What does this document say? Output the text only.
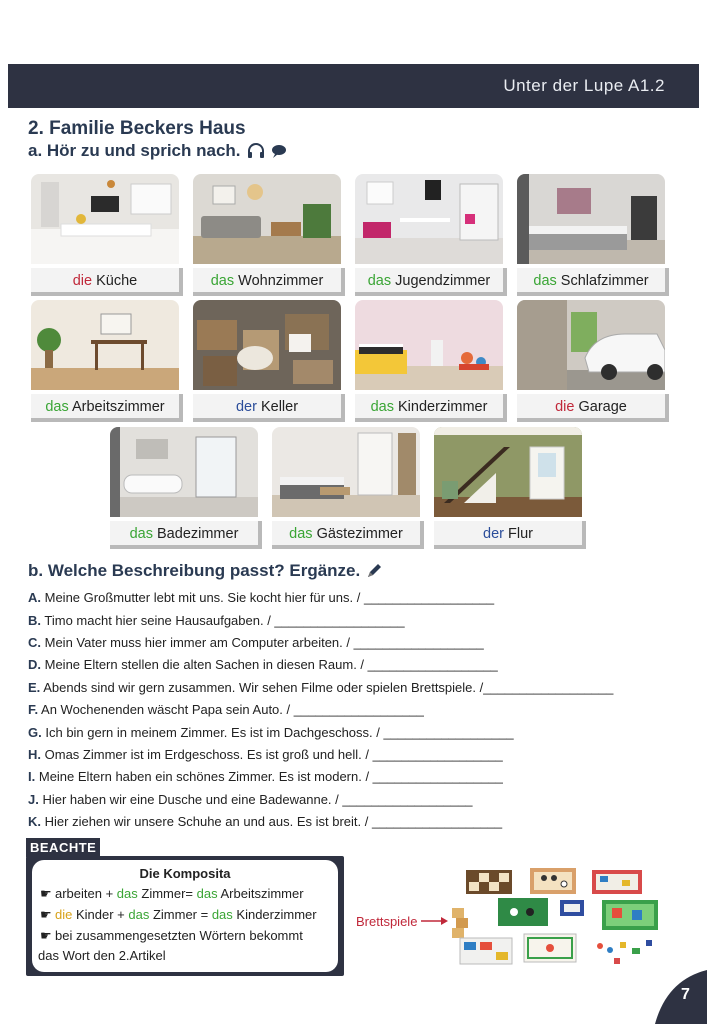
Unter der Lupe A1.2
2. Familie Beckers Haus
a. Hör zu und sprich nach.
die Küche	das Wohnzimmer	das Jugendzimmer	das Schlafzimmer
das Arbeitszimmer	der Keller	das Kinderzimmer	die Garage
das Badezimmer	das Gästezimmer	der Flur
b. Welche Beschreibung passt? Ergänze.
A. Meine Großmutter lebt mit uns. Sie kocht hier für uns. / __________________
B. Timo macht hier seine Hausaufgaben. / __________________
C. Mein Vater muss hier immer am Computer arbeiten. / __________________
D. Meine Eltern stellen die alten Sachen in diesen Raum. / __________________
E. Abends sind wir gern zusammen. Wir sehen Filme oder spielen Brettspiele. /__________________
F. An Wochenenden wäscht Papa sein Auto. / __________________
G. Ich bin gern in meinem Zimmer. Es ist im Dachgeschoss. / __________________
H. Omas Zimmer ist im Erdgeschoss. Es ist groß und hell. / __________________
I. Meine Eltern haben ein schönes Zimmer. Es ist modern. / __________________
J. Hier haben wir eine Dusche und eine Badewanne. / __________________
K. Hier ziehen wir unsere Schuhe an und aus. Es ist breit. / __________________
BEACHTE
Die Komposita
☛ arbeiten + das Zimmer= das Arbeitszimmer
☛ die Kinder + das Zimmer = das Kinderzimmer
☛ bei zusammengesetzten Wörtern bekommt
das Wort den 2.Artikel
Brettspiele
7
